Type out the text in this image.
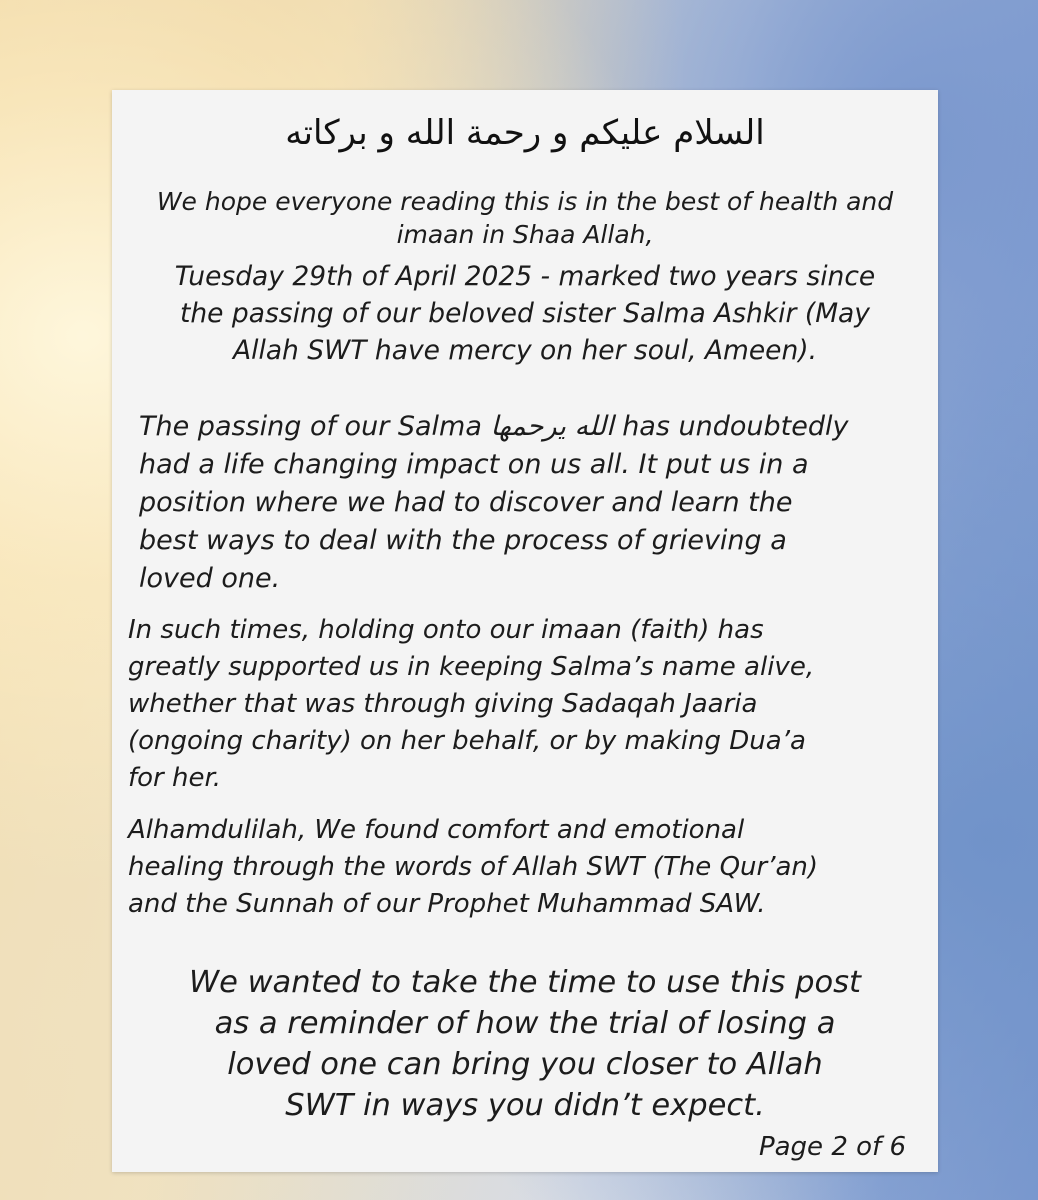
السلام عليكم و رحمة الله و بركاته
We hope everyone reading this is in the best of health and
imaan in Shaa Allah,
Tuesday 29th of April 2025 - marked two years since
the passing of our beloved sister Salma Ashkir (May
Allah SWT have mercy on her soul, Ameen).
The passing of our Salma الله يرحمها has undoubtedly
had a life changing impact on us all. It put us in a
position where we had to discover and learn the
best ways to deal with the process of grieving a
loved one.
In such times, holding onto our imaan (faith) has
greatly supported us in keeping Salma’s name alive,
whether that was through giving Sadaqah Jaaria
(ongoing charity) on her behalf, or by making Dua’a
for her.
Alhamdulilah, We found comfort and emotional
healing through the words of Allah SWT (The Qur’an)
and the Sunnah of our Prophet Muhammad SAW.
We wanted to take the time to use this post
as a reminder of how the trial of losing a
loved one can bring you closer to Allah
SWT in ways you didn’t expect.
Page 2 of 6
